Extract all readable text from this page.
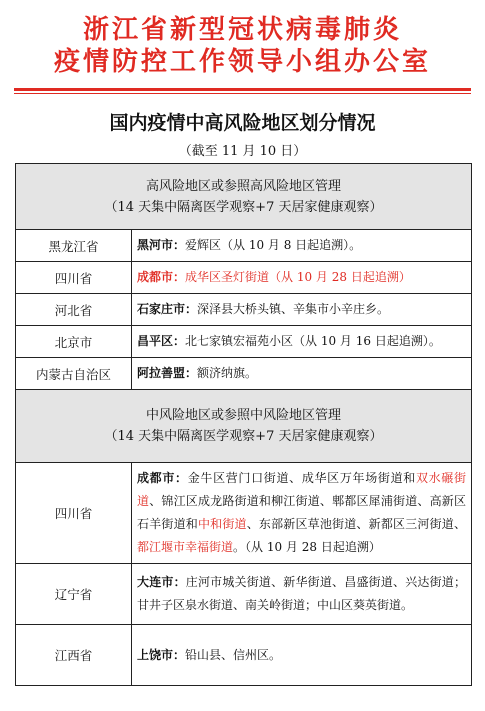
浙江省新型冠状病毒肺炎
疫情防控工作领导小组办公室
国内疫情中高风险地区划分情况
（截至 11 月 10 日）
高风险地区或参照高风险地区管理
（14 天集中隔离医学观察+7 天居家健康观察）	

黑龙江省	黑河市：爱辉区（从 10 月 8 日起追溯）。
四川省	成都市：成华区圣灯街道（从 10 月 28 日起追溯）
河北省	石家庄市：深泽县大桥头镇、辛集市小辛庄乡。
北京市	昌平区：北七家镇宏福苑小区（从 10 月 16 日起追溯）。
内蒙古自治区	阿拉善盟：额济纳旗。

中风险地区或参照中风险地区管理
（14 天集中隔离医学观察+7 天居家健康观察）	

四川省	成都市：金牛区营门口街道、成华区万年场街道和双水碾街道、锦江区成龙路街道和柳江街道、郫都区犀浦街道、高新区石羊街道和中和街道、东部新区草池街道、新都区三河街道、都江堰市幸福街道。（从 10 月 28 日起追溯）
辽宁省	大连市：庄河市城关街道、新华街道、昌盛街道、兴达街道；甘井子区泉水街道、南关岭街道；中山区葵英街道。
江西省	上饶市：铅山县、信州区。
